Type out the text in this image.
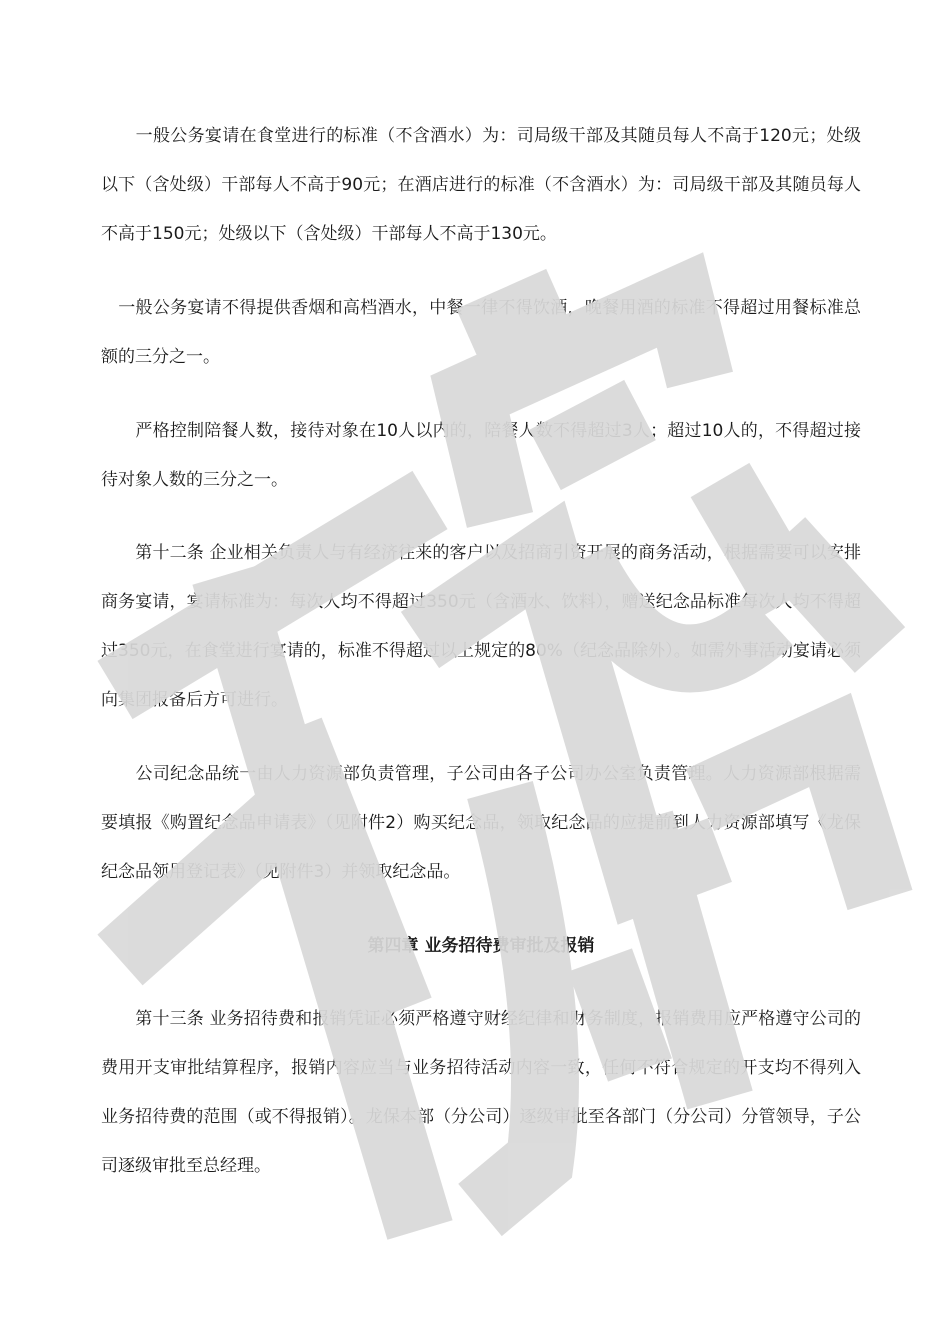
　　一般公务宴请在食堂进行的标准（不含酒水）为：司局级干部及其随员每人不高于120元；处级以下（含处级）干部每人不高于90元；在酒店进行的标准（不含酒水）为：司局级干部及其随员每人不高于150元；处级以下（含处级）干部每人不高于130元。

　一般公务宴请不得提供香烟和高档酒水，中餐一律不得饮酒，晚餐用酒的标准不得超过用餐标准总额的三分之一。

　　严格控制陪餐人数，接待对象在10人以内的，陪餐人数不得超过3人；超过10人的，不得超过接待对象人数的三分之一。

　　第十二条 企业相关负责人与有经济往来的客户以及招商引资开展的商务活动，根据需要可以安排商务宴请，宴请标准为：每次人均不得超过350元（含酒水、饮料），赠送纪念品标准每次人均不得超过350元，在食堂进行宴请的，标准不得超过以上规定的80%（纪念品除外）。如需外事活动宴请必须向集团报备后方可进行。

　　公司纪念品统一由人力资源部负责管理，子公司由各子公司办公室负责管理。人力资源部根据需要填报《购置纪念品申请表》（见附件2）购买纪念品，领取纪念品的应提前到人力资源部填写《龙保纪念品领用登记表》（见附件3）并领取纪念品。

第四章 业务招待费审批及报销

　　第十三条 业务招待费和报销凭证必须严格遵守财经纪律和财务制度，报销费用应严格遵守公司的费用开支审批结算程序，报销内容应当与业务招待活动内容一致，任何不符合规定的开支均不得列入业务招待费的范围（或不得报销）。龙保本部（分公司）逐级审批至各部门（分公司）分管领导，子公司逐级审批至总经理。
